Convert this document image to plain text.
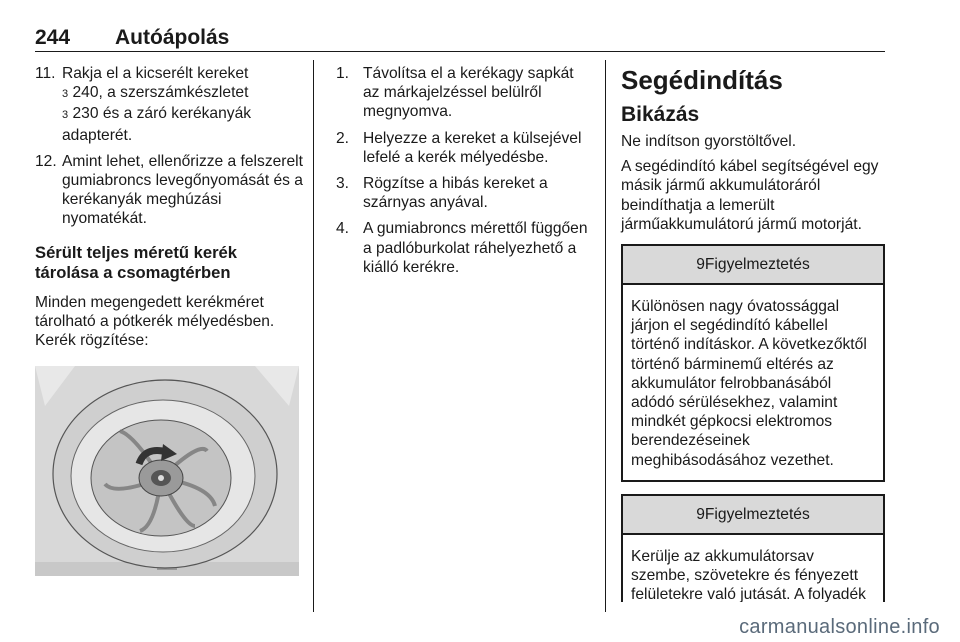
244 Autóápolás
11. Rakja el a kicserélt kereket
3 240, a szerszámkészletet
3 230 és a záró kerékanyák adapterét.
12. Amint lehet, ellenőrizze a felszerelt gumiabroncs levegőnyomását és a kerékanyák meghúzási nyomatékát.
Sérült teljes méretű kerék tárolása a csomagtérben

Minden megengedett kerékméret tárolható a pótkerék mélyedésben. Kerék rögzítése:

1. Távolítsa el a kerékagy sapkát az márkajelzéssel belülről megnyomva.
2. Helyezze a kereket a külsejével lefelé a kerék mélyedésbe.
3. Rögzítse a hibás kereket a szárnyas anyával.
4. A gumiabroncs mérettől függően a padlóburkolat ráhelyezhető a kiálló kerékre.
Segédindítás
Bikázás

Ne indítson gyorstöltővel.

A segédindító kábel segítségével egy másik jármű akkumulátoráról beindíthatja a lemerült járműakkumulátorú jármű motorját.

9 Figyelmeztetés
Különösen nagy óvatossággal járjon el segédindító kábellel történő indításkor. A következőktől történő bárminemű eltérés az akkumulátor felrobbanásából adódó sérülésekhez, valamint mindkét gépkocsi elektromos berendezéseinek meghibásodásához vezethet.
9 Figyelmeztetés
Kerülje az akkumulátorsav szembe, szövetekre és fényezett felületekre való jutását. A folyadék
carmanualsonline.info
